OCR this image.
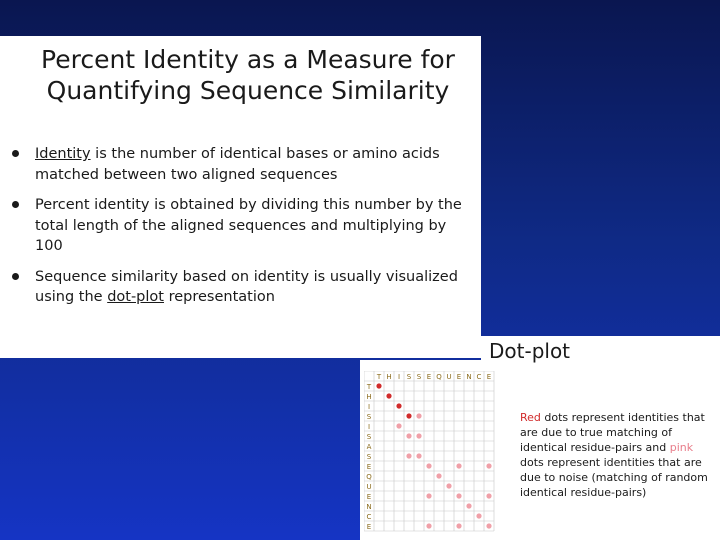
Percent Identity as a Measure for
Quantifying Sequence Similarity
Identity is the number of identical bases or amino acids matched between two aligned sequences
Percent identity is obtained by dividing this number by the total length of the aligned sequences and multiplying by 100
Sequence similarity based on identity is usually visualized using the dot-plot representation
Dot-plot
T H I S S E Q U E N C E
T
H
I
S
I
S
A
S
E
Q
U
E
N
C
E
Red dots represent identities that are due to true matching of identical residue-pairs and pink dots represent identities that are due to noise (matching of random identical residue-pairs)
